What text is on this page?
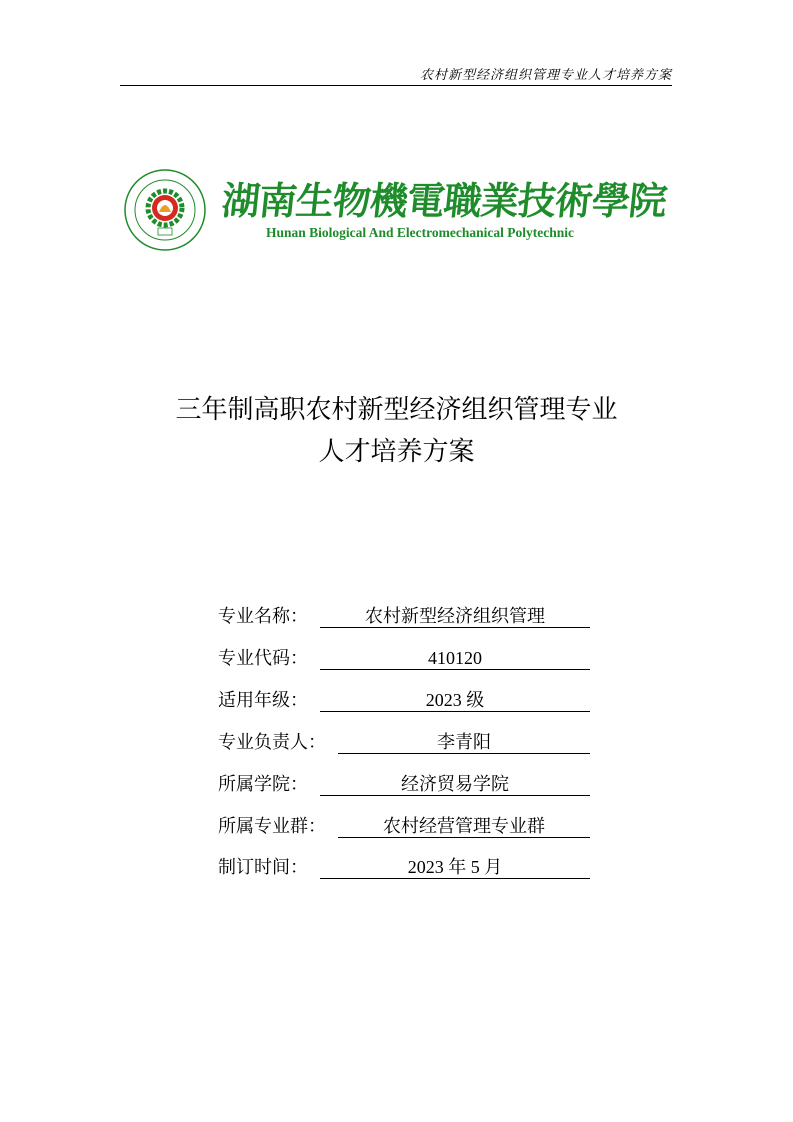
农村新型经济组织管理专业人才培养方案
湖南生物機電職業技術學院
Hunan Biological And Electromechanical Polytechnic
三年制高职农村新型经济组织管理专业
人才培养方案
专业名称：	农村新型经济组织管理
专业代码：	410120
适用年级：	2023 级
专业负责人：	李青阳
所属学院：	经济贸易学院
所属专业群：	农村经营管理专业群
制订时间：	2023 年 5 月
